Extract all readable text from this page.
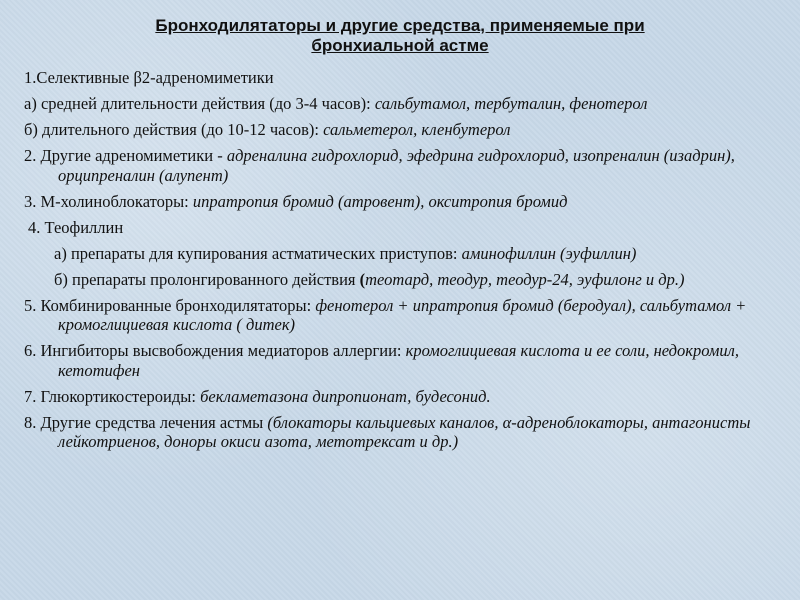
Бронходилятаторы и другие средства, применяемые при
бронхиальной астме
1.Селективные β2-адреномиметики
а) средней длительности действия (до 3-4 часов): сальбутамол, тербуталин, фенотерол
б) длительного действия (до 10-12 часов): сальметерол, кленбутерол
2. Другие адреномиметики - адреналина гидрохлорид, эфедрина гидрохлорид, изопреналин (изадрин), орципреналин (алупент)
3. М-холиноблокаторы: ипратропия бромид (атровент), окситропия бромид
4. Теофиллин
а) препараты для купирования астматических приступов: аминофиллин (эуфиллин)
б) препараты пролонгированного действия (теотард, теодур, теодур-24, эуфилонг и др.)
5. Комбинированные бронходилятаторы: фенотерол + ипратропия бромид (беродуал), сальбутамол + кромоглициевая кислота ( дитек)
6. Ингибиторы высвобождения медиаторов аллергии: кромоглициевая кислота и ее соли, недокромил, кетотифен
7. Глюкортикостероиды: бекламетазона дипропионат, будесонид.
8. Другие средства лечения астмы (блокаторы кальциевых каналов, α-адреноблокаторы, антагонисты лейкотриенов, доноры окиси азота, метотрексат и др.)
